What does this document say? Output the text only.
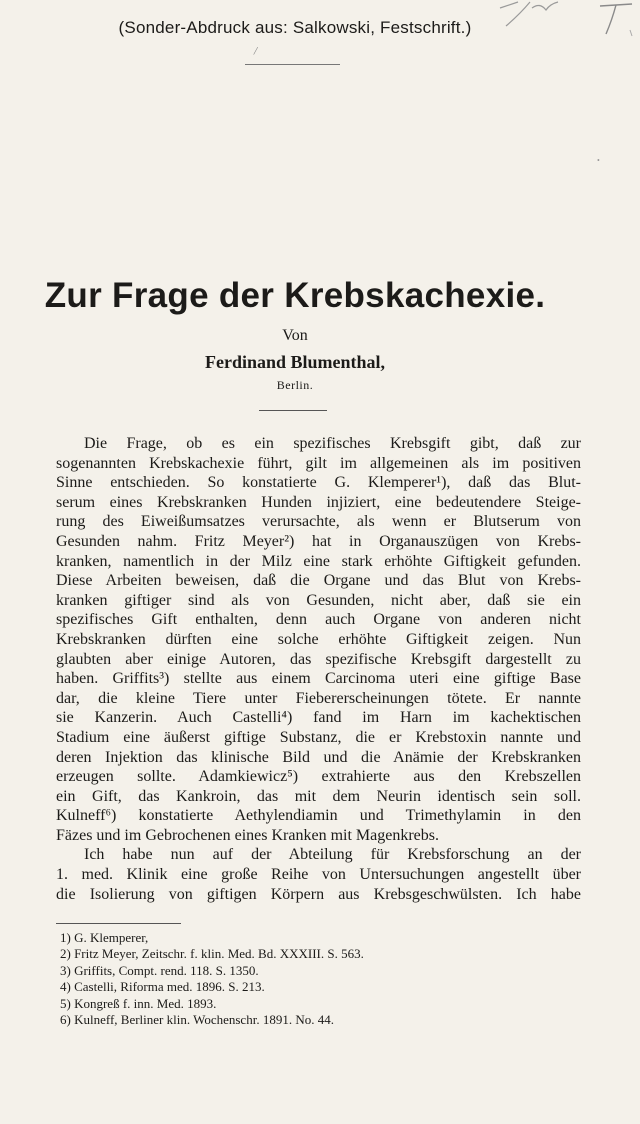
(Sonder-Abdruck aus: Salkowski, Festschrift.)
/
•
Zur Frage der Krebskachexie.
Von
Ferdinand Blumenthal,
Berlin.
Die Frage, ob es ein spezifisches Krebsgift gibt, daß zur
sogenannten Krebskachexie führt, gilt im allgemeinen als im positiven
Sinne entschieden. So konstatierte G. Klemperer¹), daß das Blut-
serum eines Krebskranken Hunden injiziert, eine bedeutendere Steige-
rung des Eiweißumsatzes verursachte, als wenn er Blutserum von
Gesunden nahm. Fritz Meyer²) hat in Organauszügen von Krebs-
kranken, namentlich in der Milz eine stark erhöhte Giftigkeit gefunden.
Diese Arbeiten beweisen, daß die Organe und das Blut von Krebs-
kranken giftiger sind als von Gesunden, nicht aber, daß sie ein
spezifisches Gift enthalten, denn auch Organe von anderen nicht
Krebskranken dürften eine solche erhöhte Giftigkeit zeigen. Nun
glaubten aber einige Autoren, das spezifische Krebsgift dargestellt zu
haben. Griffits³) stellte aus einem Carcinoma uteri eine giftige Base
dar, die kleine Tiere unter Fiebererscheinungen tötete. Er nannte
sie Kanzerin. Auch Castelli⁴) fand im Harn im kachektischen
Stadium eine äußerst giftige Substanz, die er Krebstoxin nannte und
deren Injektion das klinische Bild und die Anämie der Krebskranken
erzeugen sollte. Adamkiewicz⁵) extrahierte aus den Krebszellen
ein Gift, das Kankroin, das mit dem Neurin identisch sein soll.
Kulneff⁶) konstatierte Aethylendiamin und Trimethylamin in den
Fäzes und im Gebrochenen eines Kranken mit Magenkrebs.
Ich habe nun auf der Abteilung für Krebsforschung an der
1. med. Klinik eine große Reihe von Untersuchungen angestellt über
die Isolierung von giftigen Körpern aus Krebsgeschwülsten. Ich habe
1) G. Klemperer,
2) Fritz Meyer, Zeitschr. f. klin. Med. Bd. XXXIII. S. 563.
3) Griffits, Compt. rend. 118. S. 1350.
4) Castelli, Riforma med. 1896. S. 213.
5) Kongreß f. inn. Med. 1893.
6) Kulneff, Berliner klin. Wochenschr. 1891. No. 44.
